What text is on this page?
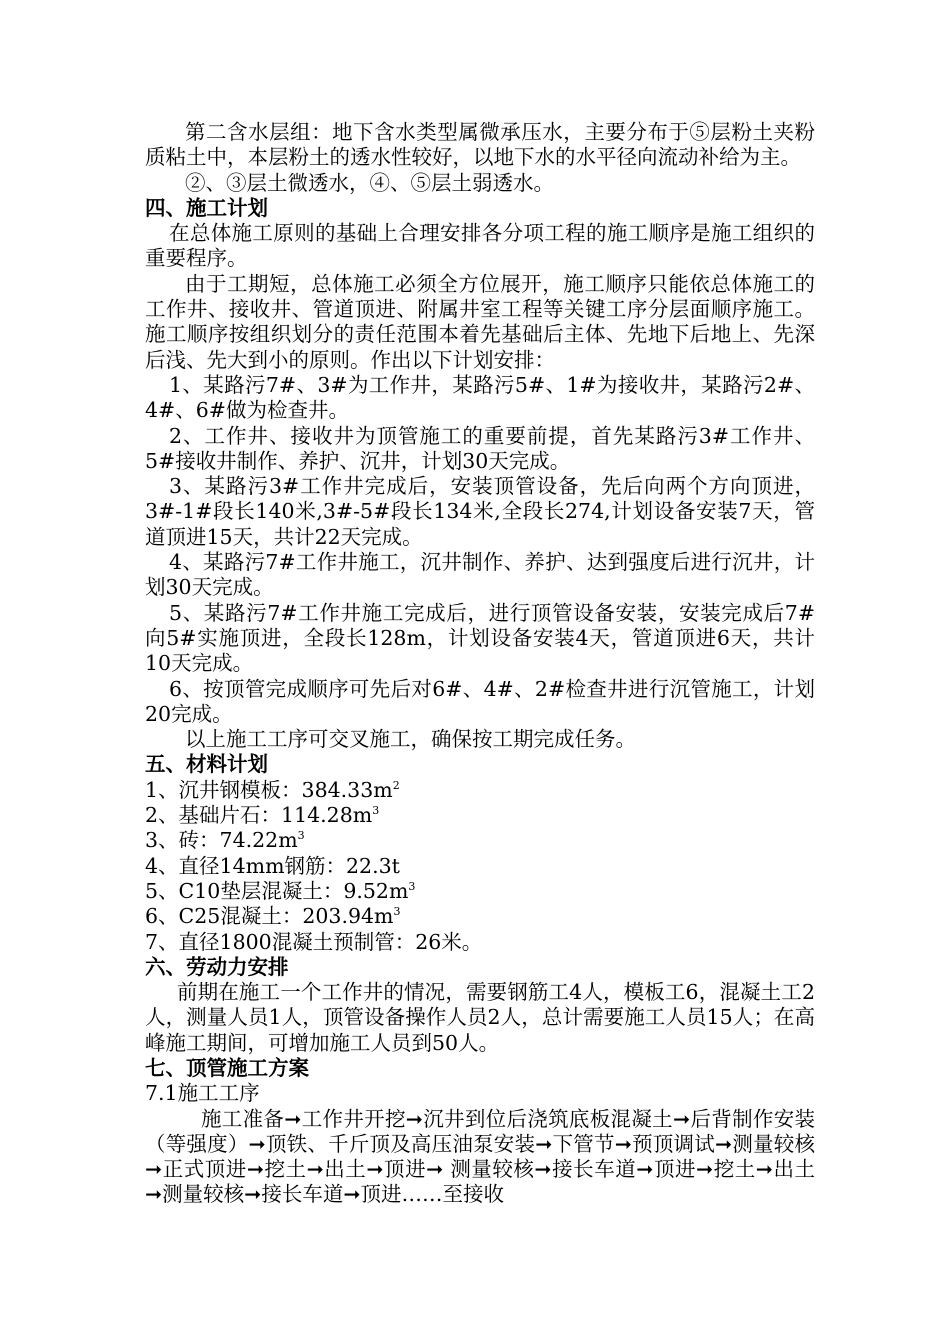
第二含水层组：地下含水类型属微承压水，主要分布于⑤层粉土夹粉质粘土中，本层粉土的透水性较好，以地下水的水平径向流动补给为主。

②、③层土微透水，④、⑤层土弱透水。

四、施工计划

在总体施工原则的基础上合理安排各分项工程的施工顺序是施工组织的重要程序。

由于工期短，总体施工必须全方位展开，施工顺序只能依总体施工的工作井、接收井、管道顶进、附属井室工程等关键工序分层面顺序施工。施工顺序按组织划分的责任范围本着先基础后主体、先地下后地上、先深后浅、先大到小的原则。作出以下计划安排：

1、某路污7#、3#为工作井，某路污5#、1#为接收井，某路污2#、4#、6#做为检查井。

2、工作井、接收井为顶管施工的重要前提，首先某路污3#工作井、5#接收井制作、养护、沉井，计划30天完成。

3、某路污3#工作井完成后，安装顶管设备，先后向两个方向顶进，3#-1#段长140米,3#-5#段长134米,全段长274,计划设备安装7天，管道顶进15天，共计22天完成。

4、某路污7#工作井施工，沉井制作、养护、达到强度后进行沉井，计划30天完成。

5、某路污7#工作井施工完成后，进行顶管设备安装，安装完成后7#向5#实施顶进，全段长128m，计划设备安装4天，管道顶进6天，共计10天完成。

6、按顶管完成顺序可先后对6#、4#、2#检查井进行沉管施工，计划20完成。

以上施工工序可交叉施工，确保按工期完成任务。

五、材料计划

1、沉井钢模板：$384.33m^2$

2、基础片石：$114.28m^3$

3、砖：$74.22m^3$

4、直径14mm钢筋：22.3t

5、C10垫层混凝土：$9.52m^3$

6、C25混凝土：$203.94m^3$

7、直径1800混凝土预制管：26米。

六、劳动力安排

前期在施工一个工作井的情况，需要钢筋工4人，模板工6，混凝土工2人，测量人员1人，顶管设备操作人员2人，总计需要施工人员15人；在高峰施工期间，可增加施工人员到50人。

七、顶管施工方案

7.1施工工序

施工准备➞工作井开挖➞沉井到位后浇筑底板混凝土➞后背制作安装（等强度）➞顶铁、千斤顶及高压油泵安装➞下管节➞预顶调试➞测量较核➞正式顶进➞挖土➞出土➞顶进➞ 测量较核➞接长车道➞顶进➞挖土➞出土➞测量较核➞接长车道➞顶进……至接收
